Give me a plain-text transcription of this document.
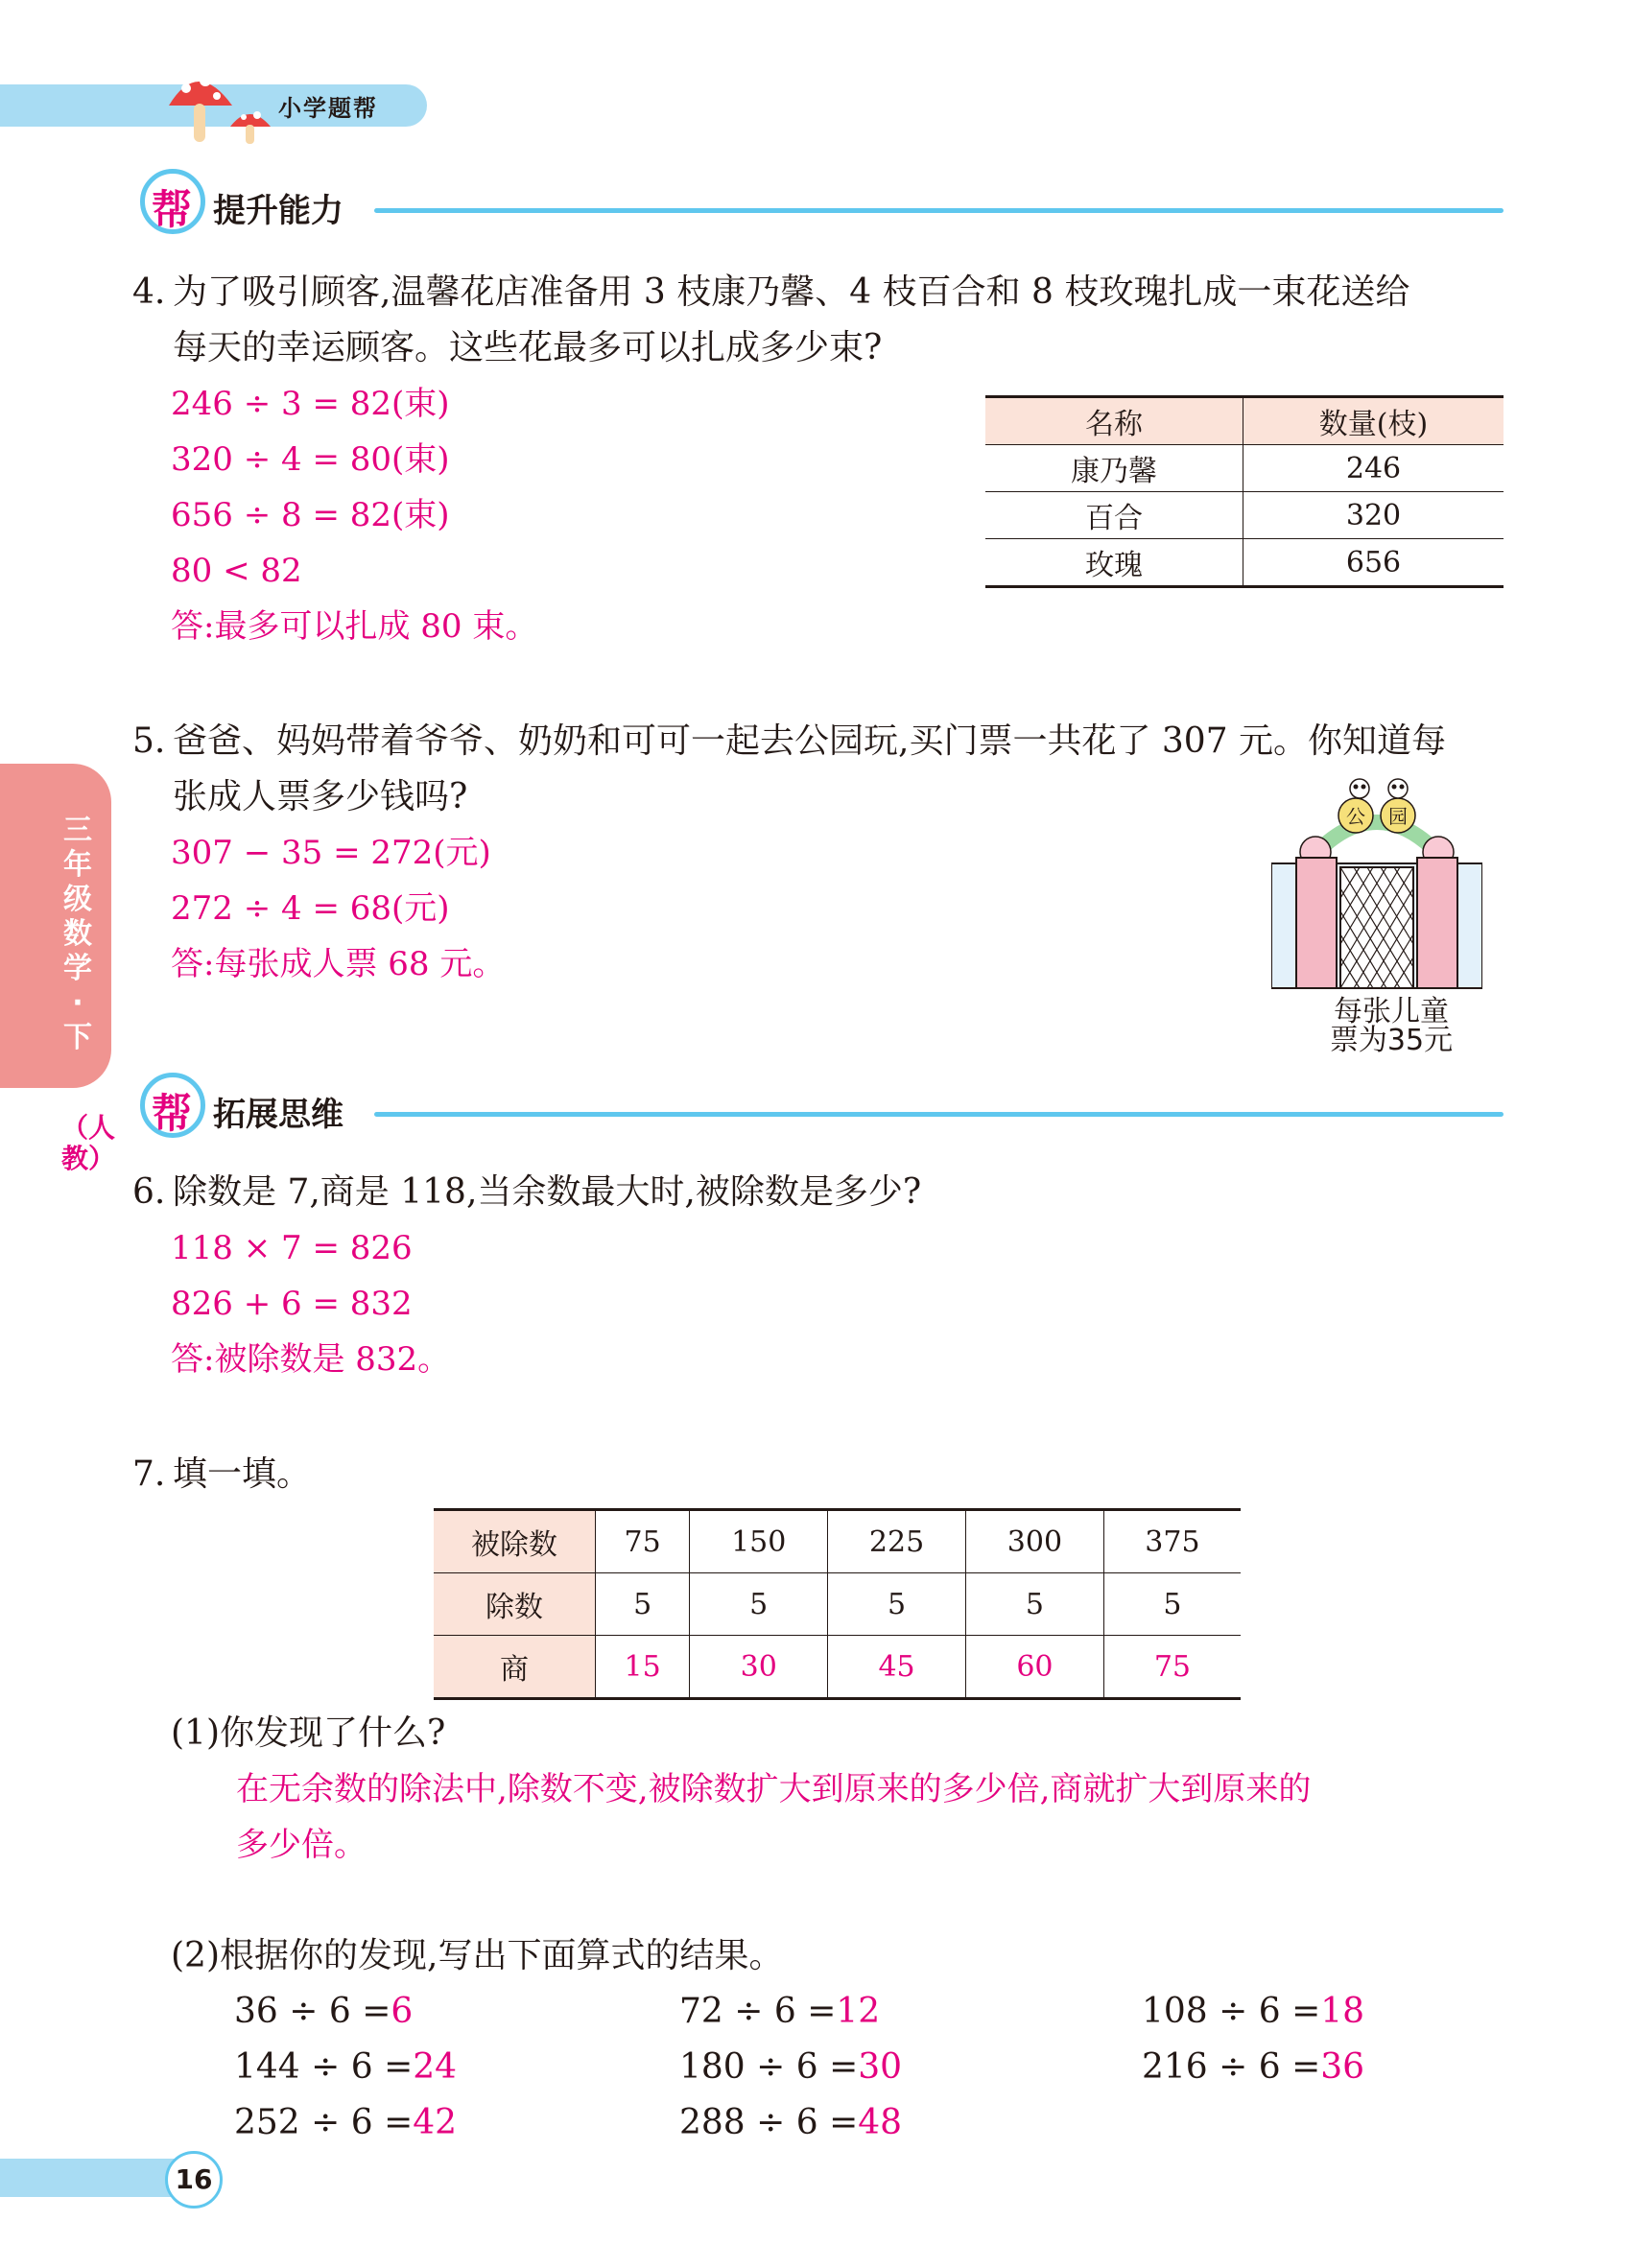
小学题帮
帮 提升能力
4. 为了吸引顾客,温馨花店准备用 3 枝康乃馨、4 枝百合和 8 枝玫瑰扎成一束花送给
每天的幸运顾客。这些花最多可以扎成多少束?
246 ÷ 3 = 82(束)
320 ÷ 4 = 80(束)
656 ÷ 8 = 82(束)
80 < 82
答:最多可以扎成 80 束。
名称	数量(枝)
康乃馨	246
百合	320
玫瑰	656
三年级数学·下
（人教）
5. 爸爸、妈妈带着爷爷、奶奶和可可一起去公园玩,买门票一共花了 307 元。你知道每
张成人票多少钱吗?
307 − 35 = 272(元)
272 ÷ 4 = 68(元)
答:每张成人票 68 元。
公 园
每张儿童
票为35元
帮 拓展思维
6. 除数是 7,商是 118,当余数最大时,被除数是多少?
118 × 7 = 826
826 + 6 = 832
答:被除数是 832。
7. 填一填。
被除数	75	150	225	300	375
除数	5	5	5	5	5
商	15	30	45	60	75
(1)你发现了什么?
在无余数的除法中,除数不变,被除数扩大到原来的多少倍,商就扩大到原来的
多少倍。
(2)根据你的发现,写出下面算式的结果。
36 ÷ 6 =6	72 ÷ 6 =12	108 ÷ 6 =18
144 ÷ 6 =24	180 ÷ 6 =30	216 ÷ 6 =36
252 ÷ 6 =42	288 ÷ 6 =48
16
